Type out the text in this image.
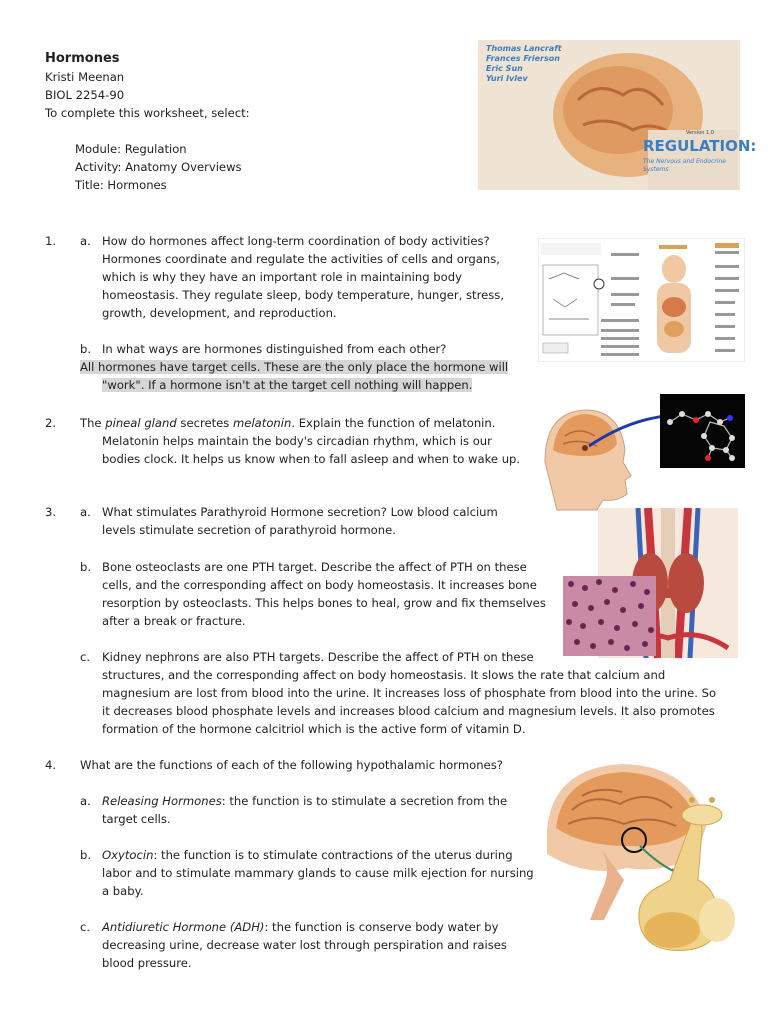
Hormones
Kristi Meenan
BIOL 2254-90
To complete this worksheet, select:
Module: Regulation
Activity: Anatomy Overviews
Title: Hormones
Thomas Lancraft
Frances Frierson
Eric Sun
Yuri Ivlev
Version 1.0
REGULATION:
The Nervous and Endocrine Systems
1. a. How do hormones affect long-term coordination of body activities?
Hormones coordinate and regulate the activities of cells and organs,
which is why they have an important role in maintaining body
homeostasis. They regulate sleep, body temperature, hunger, stress,
growth, development, and reproduction.
b. In what ways are hormones distinguished from each other?
All hormones have target cells. These are the only place the hormone will
"work". If a hormone isn't at the target cell nothing will happen.
2. The pineal gland secretes melatonin. Explain the function of melatonin.
Melatonin helps maintain the body's circadian rhythm, which is our
bodies clock. It helps us know when to fall asleep and when to wake up.
3. a. What stimulates Parathyroid Hormone secretion? Low blood calcium
levels stimulate secretion of parathyroid hormone.
b. Bone osteoclasts are one PTH target. Describe the affect of PTH on these
cells, and the corresponding affect on body homeostasis. It increases bone
resorption by osteoclasts. This helps bones to heal, grow and fix themselves
after a break or fracture.
c. Kidney nephrons are also PTH targets. Describe the affect of PTH on these
structures, and the corresponding affect on body homeostasis. It slows the rate that calcium and
magnesium are lost from blood into the urine. It increases loss of phosphate from blood into the urine. So
it decreases blood phosphate levels and increases blood calcium and magnesium levels. It also promotes
formation of the hormone calcitriol which is the active form of vitamin D.
4. What are the functions of each of the following hypothalamic hormones?
a. Releasing Hormones: the function is to stimulate a secretion from the
target cells.
b. Oxytocin: the function is to stimulate contractions of the uterus during
labor and to stimulate mammary glands to cause milk ejection for nursing
a baby.
c. Antidiuretic Hormone (ADH): the function is conserve body water by
decreasing urine, decrease water lost through perspiration and raises
blood pressure.
